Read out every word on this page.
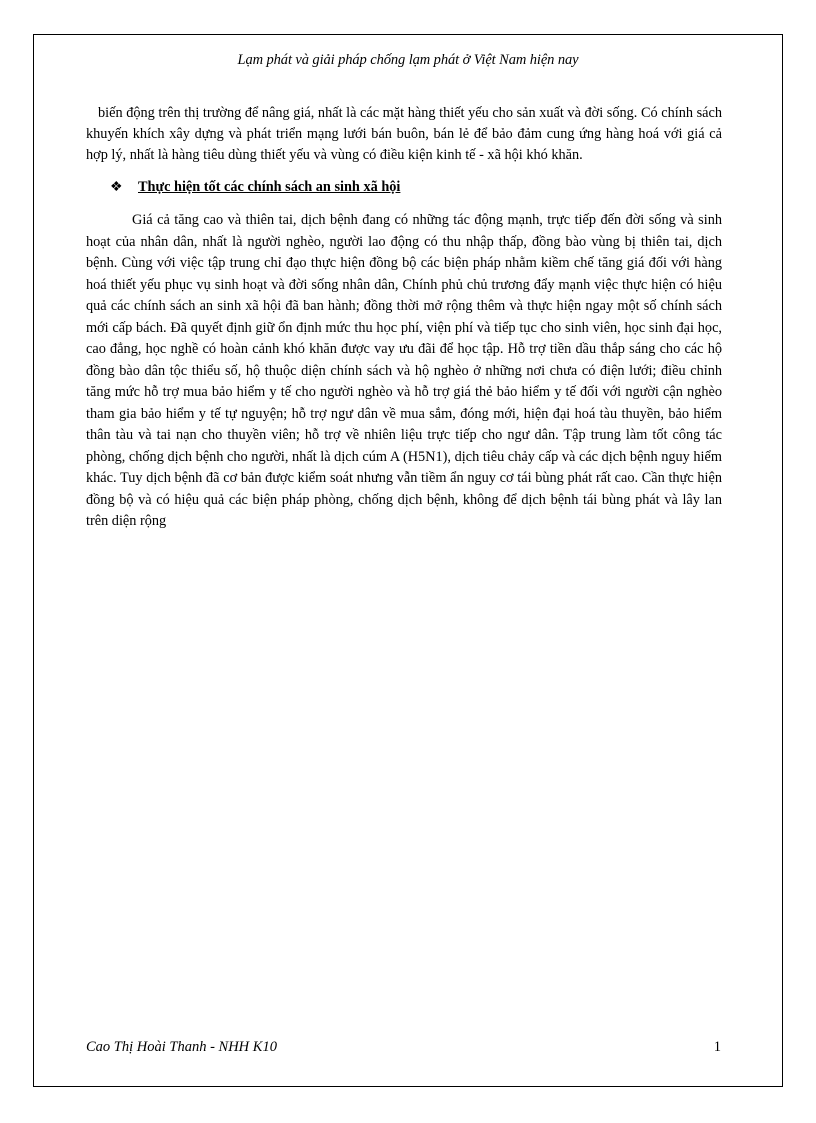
Lạm phát và giải pháp chống lạm phát ở Việt Nam hiện nay

biến động trên thị trường để nâng giá, nhất là các mặt hàng thiết yếu cho sản xuất và đời sống. Có chính sách khuyến khích xây dựng và phát triển mạng lưới bán buôn, bán lẻ để bảo đảm cung ứng hàng hoá với giá cả hợp lý, nhất là hàng tiêu dùng thiết yếu và vùng có điều kiện kinh tế - xã hội khó khăn.

❖ Thực hiện tốt các chính sách an sinh xã hội

Giá cả tăng cao và thiên tai, dịch bệnh đang có những tác động mạnh, trực tiếp đến đời sống và sinh hoạt của nhân dân, nhất là người nghèo, người lao động có thu nhập thấp, đồng bào vùng bị thiên tai, dịch bệnh. Cùng với việc tập trung chỉ đạo thực hiện đồng bộ các biện pháp nhằm kiềm chế tăng giá đối với hàng hoá thiết yếu phục vụ sinh hoạt và đời sống nhân dân, Chính phủ chủ trương đẩy mạnh việc thực hiện có hiệu quả các chính sách an sinh xã hội đã ban hành; đồng thời mở rộng thêm và thực hiện ngay một số chính sách mới cấp bách. Đã quyết định giữ ổn định mức thu học phí, viện phí và tiếp tục cho sinh viên, học sinh đại học, cao đẳng, học nghề có hoàn cảnh khó khăn được vay ưu đãi để học tập. Hỗ trợ tiền dầu thắp sáng cho các hộ đồng bào dân tộc thiểu số, hộ thuộc diện chính sách và hộ nghèo ở những nơi chưa có điện lưới; điều chỉnh tăng mức hỗ trợ mua bảo hiểm y tế cho người nghèo và hỗ trợ giá thẻ bảo hiểm y tế đối với người cận nghèo tham gia bảo hiểm y tế tự nguyện; hỗ trợ ngư dân về mua sắm, đóng mới, hiện đại hoá tàu thuyền, bảo hiểm thân tàu và tai nạn cho thuyền viên; hỗ trợ về nhiên liệu trực tiếp cho ngư dân. Tập trung làm tốt công tác phòng, chống dịch bệnh cho người, nhất là dịch cúm A (H5N1), dịch tiêu chảy cấp và các dịch bệnh nguy hiểm khác. Tuy dịch bệnh đã cơ bản được kiểm soát nhưng vẫn tiềm ẩn nguy cơ tái bùng phát rất cao. Cần thực hiện đồng bộ và có hiệu quả các biện pháp phòng, chống dịch bệnh, không để dịch bệnh tái bùng phát và lây lan trên diện rộng

Cao Thị Hoài Thanh - NHH K10	1
